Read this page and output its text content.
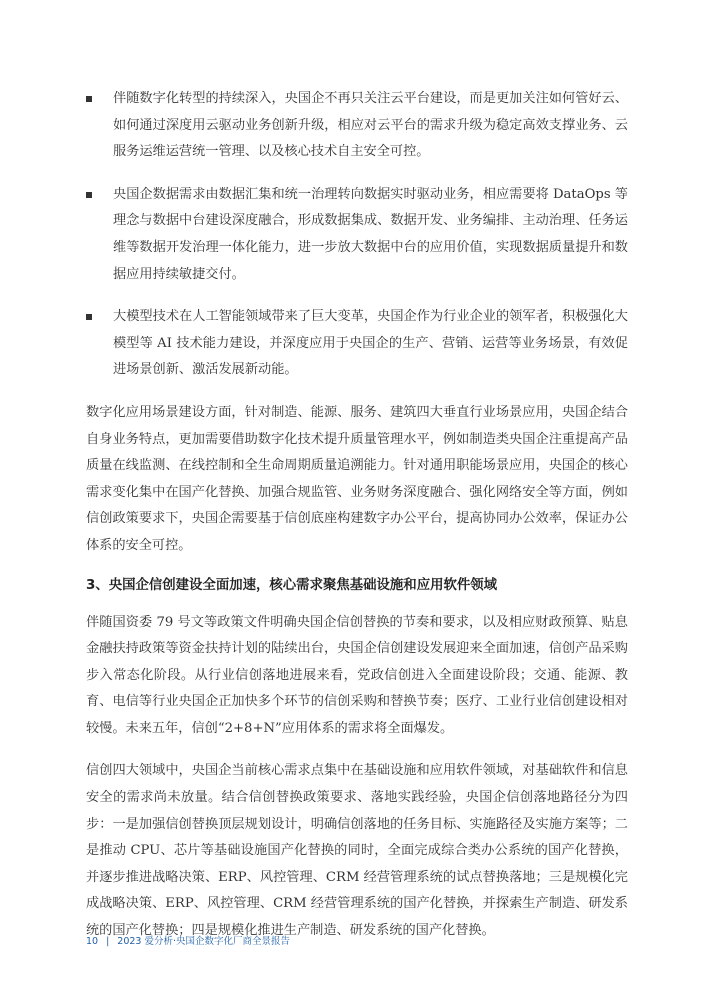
伴随数字化转型的持续深入，央国企不再只关注云平台建设，而是更加关注如何管好云、如何通过深度用云驱动业务创新升级，相应对云平台的需求升级为稳定高效支撑业务、云服务运维运营统一管理、以及核心技术自主安全可控。
央国企数据需求由数据汇集和统一治理转向数据实时驱动业务，相应需要将 DataOps 等理念与数据中台建设深度融合，形成数据集成、数据开发、业务编排、主动治理、任务运维等数据开发治理一体化能力，进一步放大数据中台的应用价值，实现数据质量提升和数据应用持续敏捷交付。
大模型技术在人工智能领域带来了巨大变革，央国企作为行业企业的领军者，积极强化大模型等 AI 技术能力建设，并深度应用于央国企的生产、营销、运营等业务场景，有效促进场景创新、激活发展新动能。

数字化应用场景建设方面，针对制造、能源、服务、建筑四大垂直行业场景应用，央国企结合自身业务特点，更加需要借助数字化技术提升质量管理水平，例如制造类央国企注重提高产品质量在线监测、在线控制和全生命周期质量追溯能力。针对通用职能场景应用，央国企的核心需求变化集中在国产化替换、加强合规监管、业务财务深度融合、强化网络安全等方面，例如信创政策要求下，央国企需要基于信创底座构建数字办公平台，提高协同办公效率，保证办公体系的安全可控。

3、央国企信创建设全面加速，核心需求聚焦基础设施和应用软件领域

伴随国资委 79 号文等政策文件明确央国企信创替换的节奏和要求，以及相应财政预算、贴息金融扶持政策等资金扶持计划的陆续出台，央国企信创建设发展迎来全面加速，信创产品采购步入常态化阶段。从行业信创落地进展来看，党政信创进入全面建设阶段；交通、能源、教育、电信等行业央国企正加快多个环节的信创采购和替换节奏；医疗、工业行业信创建设相对较慢。未来五年，信创“2+8+N”应用体系的需求将全面爆发。

信创四大领域中，央国企当前核心需求点集中在基础设施和应用软件领域，对基础软件和信息安全的需求尚未放量。结合信创替换政策要求、落地实践经验，央国企信创落地路径分为四步：一是加强信创替换顶层规划设计，明确信创落地的任务目标、实施路径及实施方案等；二是推动 CPU、芯片等基础设施国产化替换的同时，全面完成综合类办公系统的国产化替换，并逐步推进战略决策、ERP、风控管理、CRM 经营管理系统的试点替换落地；三是规模化完成战略决策、ERP、风控管理、CRM 经营管理系统的国产化替换，并探索生产制造、研发系统的国产化替换；四是规模化推进生产制造、研发系统的国产化替换。

10 | 2023 爱分析·央国企数字化厂商全景报告
